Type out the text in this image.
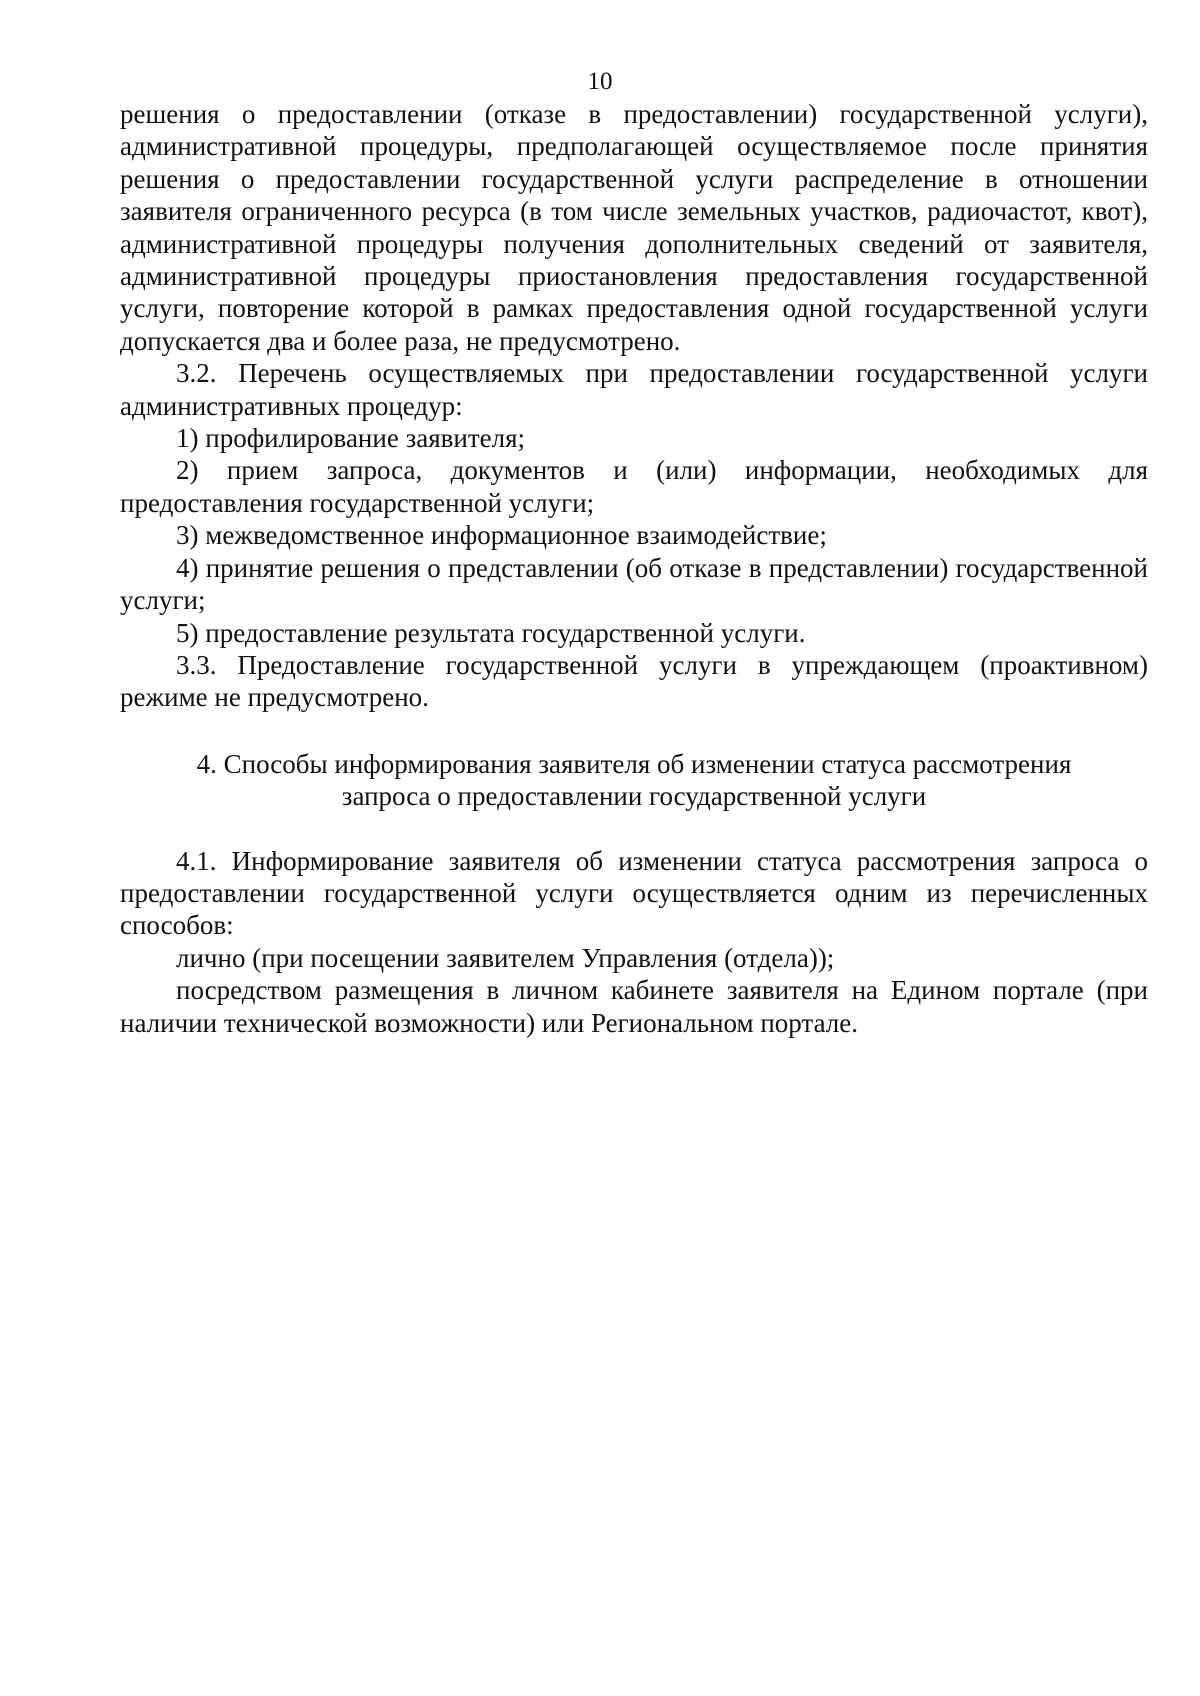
10

решения о предоставлении (отказе в предоставлении) государственной услуги), административной процедуры, предполагающей осуществляемое после принятия решения о предоставлении государственной услуги распределение в отношении заявителя ограниченного ресурса (в том числе земельных участков, радиочастот, квот), административной процедуры получения дополнительных сведений от заявителя, административной процедуры приостановления предоставления государственной услуги, повторение которой в рамках предоставления одной государственной услуги допускается два и более раза, не предусмотрено.

3.2. Перечень осуществляемых при предоставлении государственной услуги административных процедур:

1) профилирование заявителя;

2) прием запроса, документов и (или) информации, необходимых для предоставления государственной услуги;

3) межведомственное информационное взаимодействие;

4) принятие решения о представлении (об отказе в представлении) государственной услуги;

5) предоставление результата государственной услуги.

3.3. Предоставление государственной услуги в упреждающем (проактивном) режиме не предусмотрено.

4. Способы информирования заявителя об изменении статуса рассмотрения
запроса о предоставлении государственной услуги

4.1. Информирование заявителя об изменении статуса рассмотрения запроса о предоставлении государственной услуги осуществляется одним из перечисленных способов:

лично (при посещении заявителем Управления (отдела));

посредством размещения в личном кабинете заявителя на Едином портале (при наличии технической возможности) или Региональном портале.
